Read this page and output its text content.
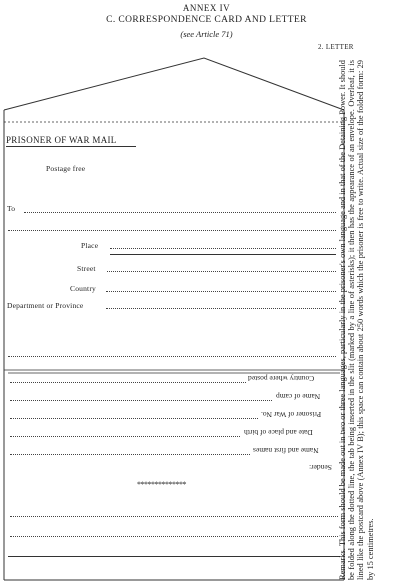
ANNEX IV
C. CORRESPONDENCE CARD AND LETTER
(see Article 71)
2. LETTER
PRISONER OF WAR MAIL
Postage free
To
Place
Street
Country
Department or Province
Country where posted
Name of camp
Prisoner of War No.
Date and place of birth
Name and first names
Sender:
**************	Remarks. This form should be made out in two or three languages, particularly in the prisoner's own language and in that of the Detaining Power. It should be folded along the dotted line, the tab being inserted in the slit (marked by a line of asterisks); it then has the appearance of an envelope. Overleaf, it is lined like the postcard above (Annex IV B); this space can contain about 250 words which the prisoner is free to write. Actual size of the folded form: 29 by 15 centimetres.
